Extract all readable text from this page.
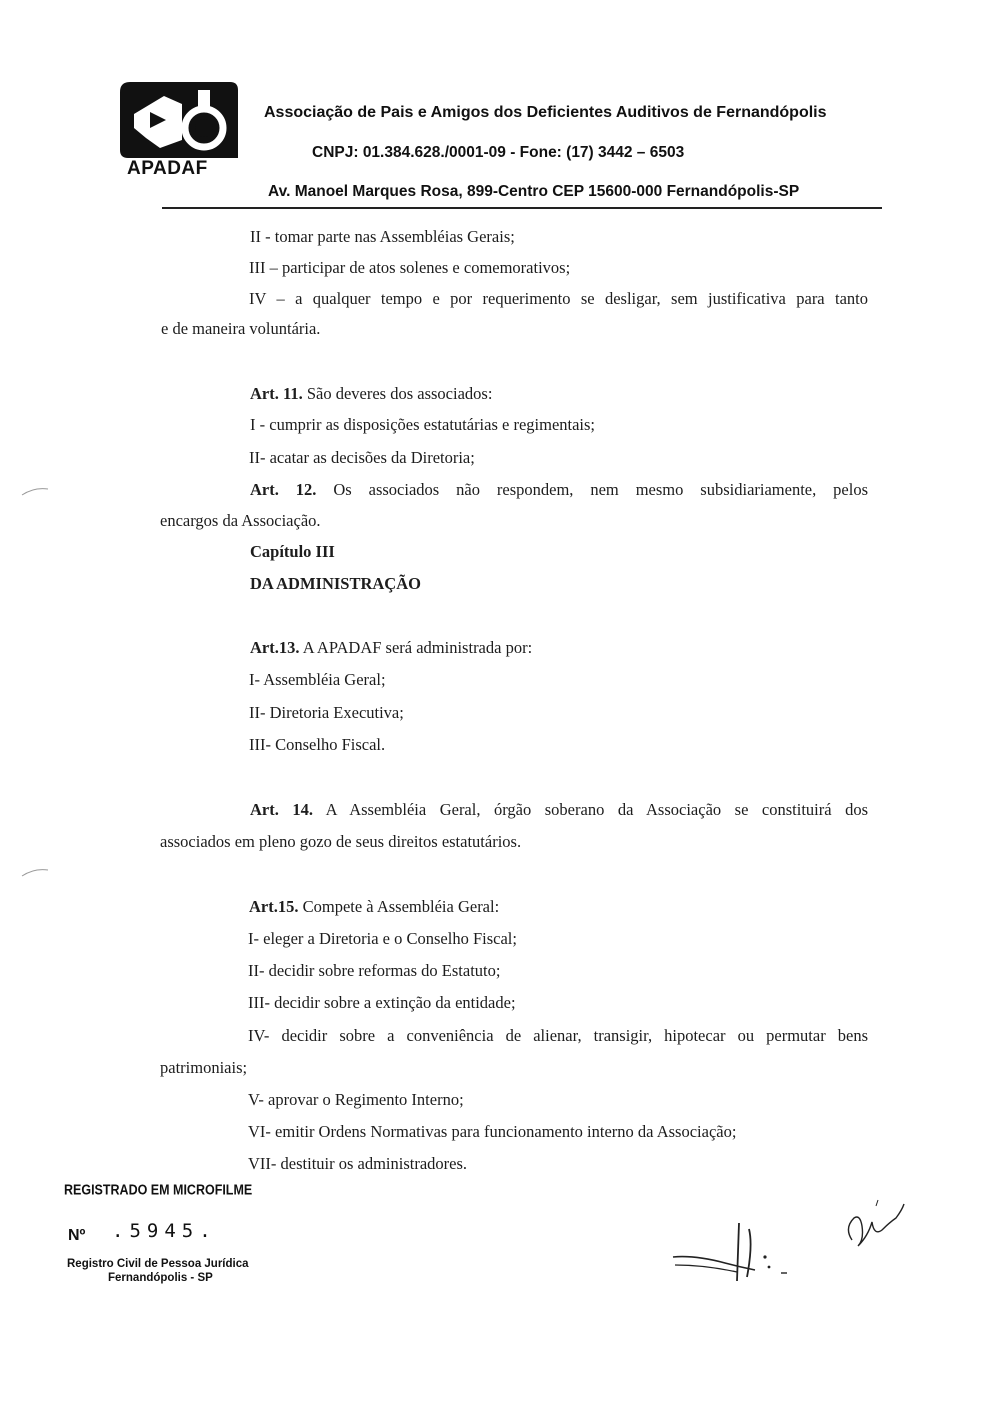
APADAF
Associação de Pais e Amigos dos Deficientes Auditivos de Fernandópolis
CNPJ: 01.384.628./0001-09 - Fone: (17) 3442 – 6503
Av. Manoel Marques Rosa, 899-Centro CEP 15600-000 Fernandópolis-SP
II - tomar parte nas Assembléias Gerais;
III – participar de atos solenes e comemorativos;
IV – a qualquer tempo e por requerimento se desligar, sem justificativa para tanto
e de maneira voluntária.
Art. 11. São deveres dos associados:
I - cumprir as disposições estatutárias e regimentais;
II- acatar as decisões da Diretoria;
Art. 12. Os associados não respondem, nem mesmo subsidiariamente, pelos
encargos da Associação.
Capítulo III
DA ADMINISTRAÇÃO
Art.13. A APADAF será administrada por:
I- Assembléia Geral;
II- Diretoria Executiva;
III- Conselho Fiscal.
Art. 14. A Assembléia Geral, órgão soberano da Associação se constituirá dos
associados em pleno gozo de seus direitos estatutários.
Art.15. Compete à Assembléia Geral:
I- eleger a Diretoria e o Conselho Fiscal;
II- decidir sobre reformas do Estatuto;
III- decidir sobre a extinção da entidade;
IV- decidir sobre a conveniência de alienar, transigir, hipotecar ou permutar bens
patrimoniais;
V- aprovar o Regimento Interno;
VI- emitir Ordens Normativas para funcionamento interno da Associação;
VII- destituir os administradores.
REGISTRADO EM MICROFILME
Nº .5945.
Registro Civil de Pessoa Jurídica
Fernandópolis - SP
